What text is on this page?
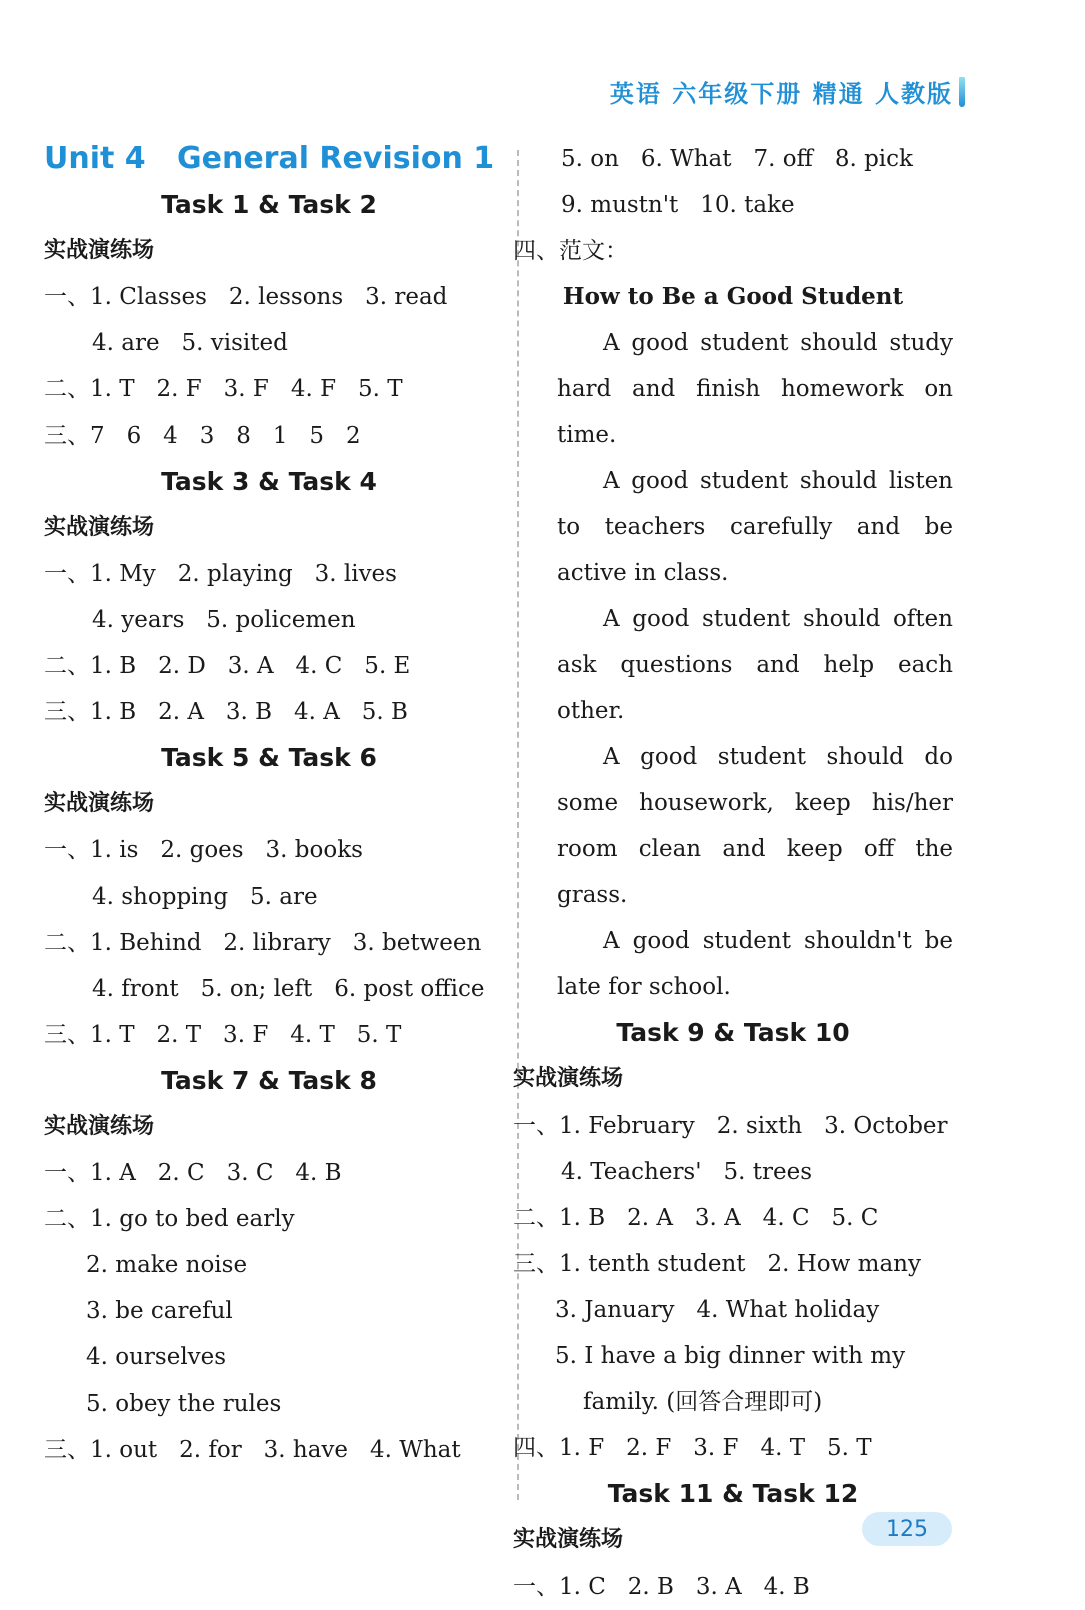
英语 六年级下册 精通 人教版
Unit 4   General Revision 1
Task 1 & Task 2
实战演练场
一、1. Classes   2. lessons   3. read
4. are   5. visited
二、1. T   2. F   3. F   4. F   5. T
三、7   6   4   3   8   1   5   2
Task 3 & Task 4
实战演练场
一、1. My   2. playing   3. lives
4. years   5. policemen
二、1. B   2. D   3. A   4. C   5. E
三、1. B   2. A   3. B   4. A   5. B
Task 5 & Task 6
实战演练场
一、1. is   2. goes   3. books
4. shopping   5. are
二、1. Behind   2. library   3. between
4. front   5. on; left   6. post office
三、1. T   2. T   3. F   4. T   5. T
Task 7 & Task 8
实战演练场
一、1. A   2. C   3. C   4. B
二、1. go to bed early
2. make noise
3. be careful
4. ourselves
5. obey the rules
三、1. out   2. for   3. have   4. What
5. on   6. What   7. off   8. pick
9. mustn't   10. take
四、范文：
How to Be a Good Student
A good student should study hard and finish homework on time.
A good student should listen to teachers carefully and be active in class.
A good student should often ask questions and help each other.
A good student should do some housework, keep his/her room clean and keep off the grass.
A good student shouldn't be late for school.
Task 9 & Task 10
实战演练场
一、1. February   2. sixth   3. October
4. Teachers'   5. trees
二、1. B   2. A   3. A   4. C   5. C
三、1. tenth student   2. How many
3. January   4. What holiday
5. I have a big dinner with my
family. (回答合理即可)
四、1. F   2. F   3. F   4. T   5. T
Task 11 & Task 12
实战演练场
一、1. C   2. B   3. A   4. B
125
